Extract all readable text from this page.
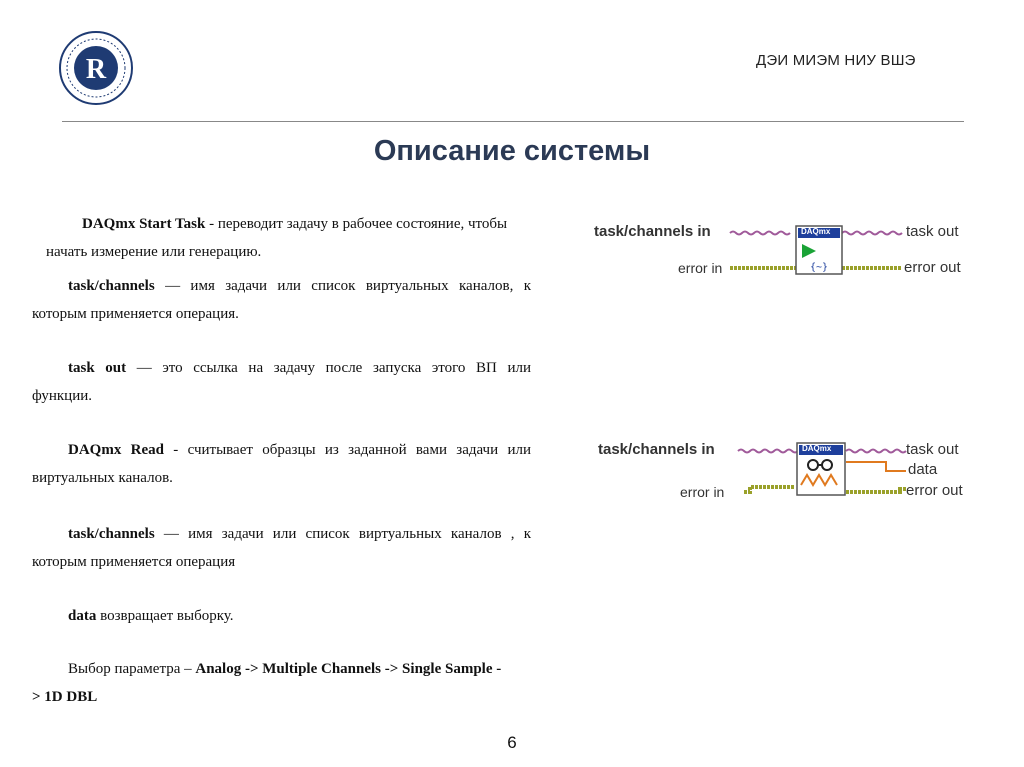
R	ДЭИ МИЭМ НИУ ВШЭ
Описание системы
DAQmx Start Task - переводит задачу в рабочее состояние, чтобы
начать измерение или генерацию.
task/channels — имя задачи или список виртуальных каналов, к
которым применяется операция.
task out — это ссылка на задачу после запуска этого ВП или
функции.
DAQmx Read - считывает образцы из заданной вами задачи или
виртуальных каналов.
task/channels — имя задачи или список виртуальных каналов , к
которым применяется операция
data возвращает выборку.
Выбор параметра – Analog -> Multiple Channels -> Single Sample -
> 1D DBL
{~}
task/channels in
error in
DAQmx	task out
error out
task/channels in
error in
DAQmx	task out
data
error out
6
